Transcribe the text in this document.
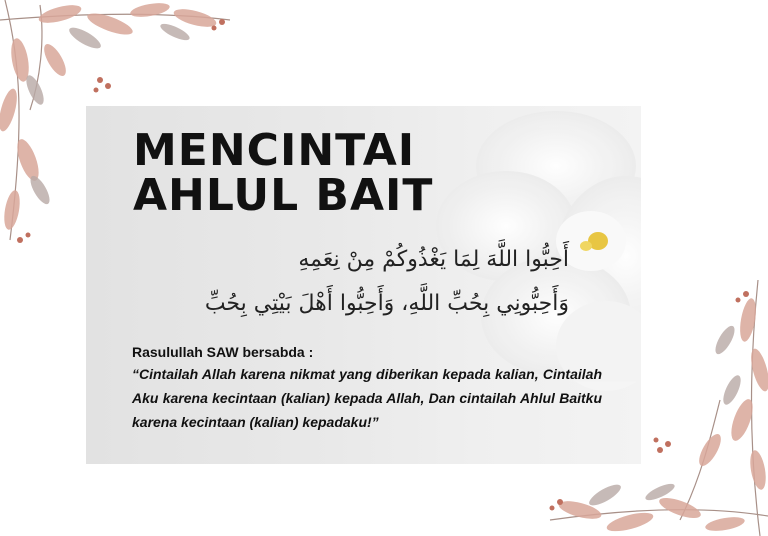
MENCINTAI
AHLUL BAIT
أَحِبُّوا اللَّهَ لِمَا يَغْذُوكُمْ مِنْ نِعَمِهِ
وَأَحِبُّونِي بِحُبِّ اللَّهِ، وَأَحِبُّوا أَهْلَ بَيْتِي بِحُبِّ
Rasulullah SAW bersabda :

“Cintailah Allah karena nikmat yang diberikan kepada kalian, Cintailah Aku karena kecintaan (kalian) kepada Allah, Dan cintailah Ahlul Baitku karena kecintaan (kalian) kepadaku!”
